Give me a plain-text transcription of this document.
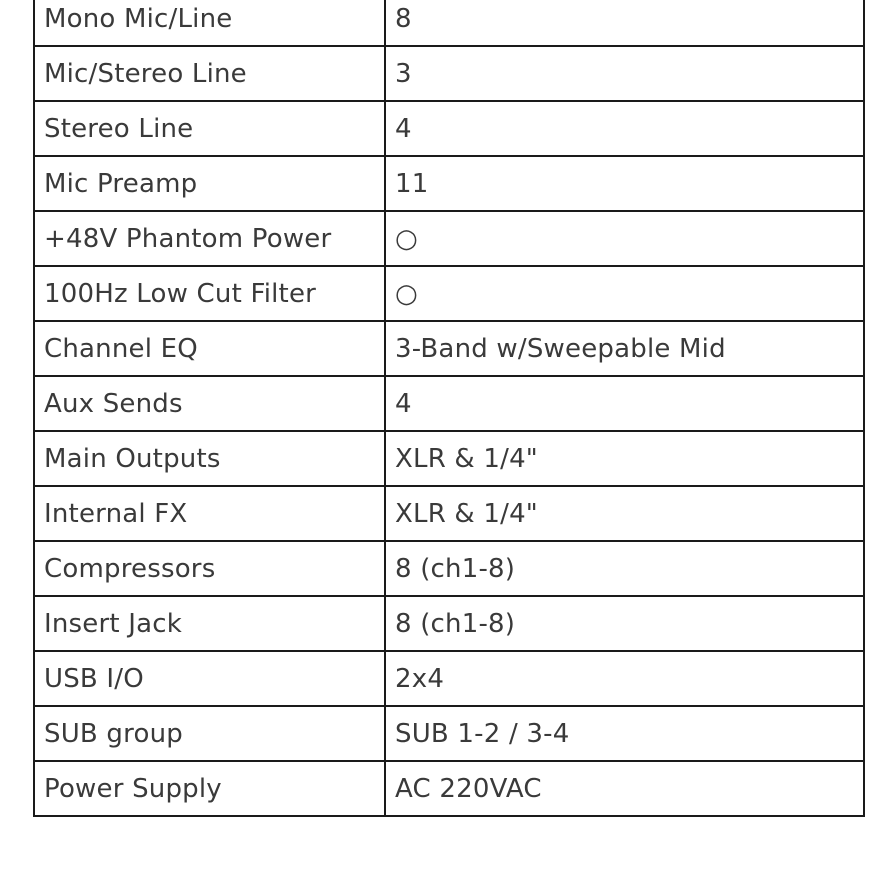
Mono Mic/Line	8
Mic/Stereo Line	3
Stereo Line	4
Mic Preamp	11
+48V Phantom Power	○
100Hz Low Cut Filter	○
Channel EQ	3-Band w/Sweepable Mid
Aux Sends	4
Main Outputs	XLR & 1/4"
Internal FX	XLR & 1/4"
Compressors	8 (ch1-8)
Insert Jack	8 (ch1-8)
USB I/O	2x4
SUB group	SUB 1-2 / 3-4
Power Supply	AC 220VAC
